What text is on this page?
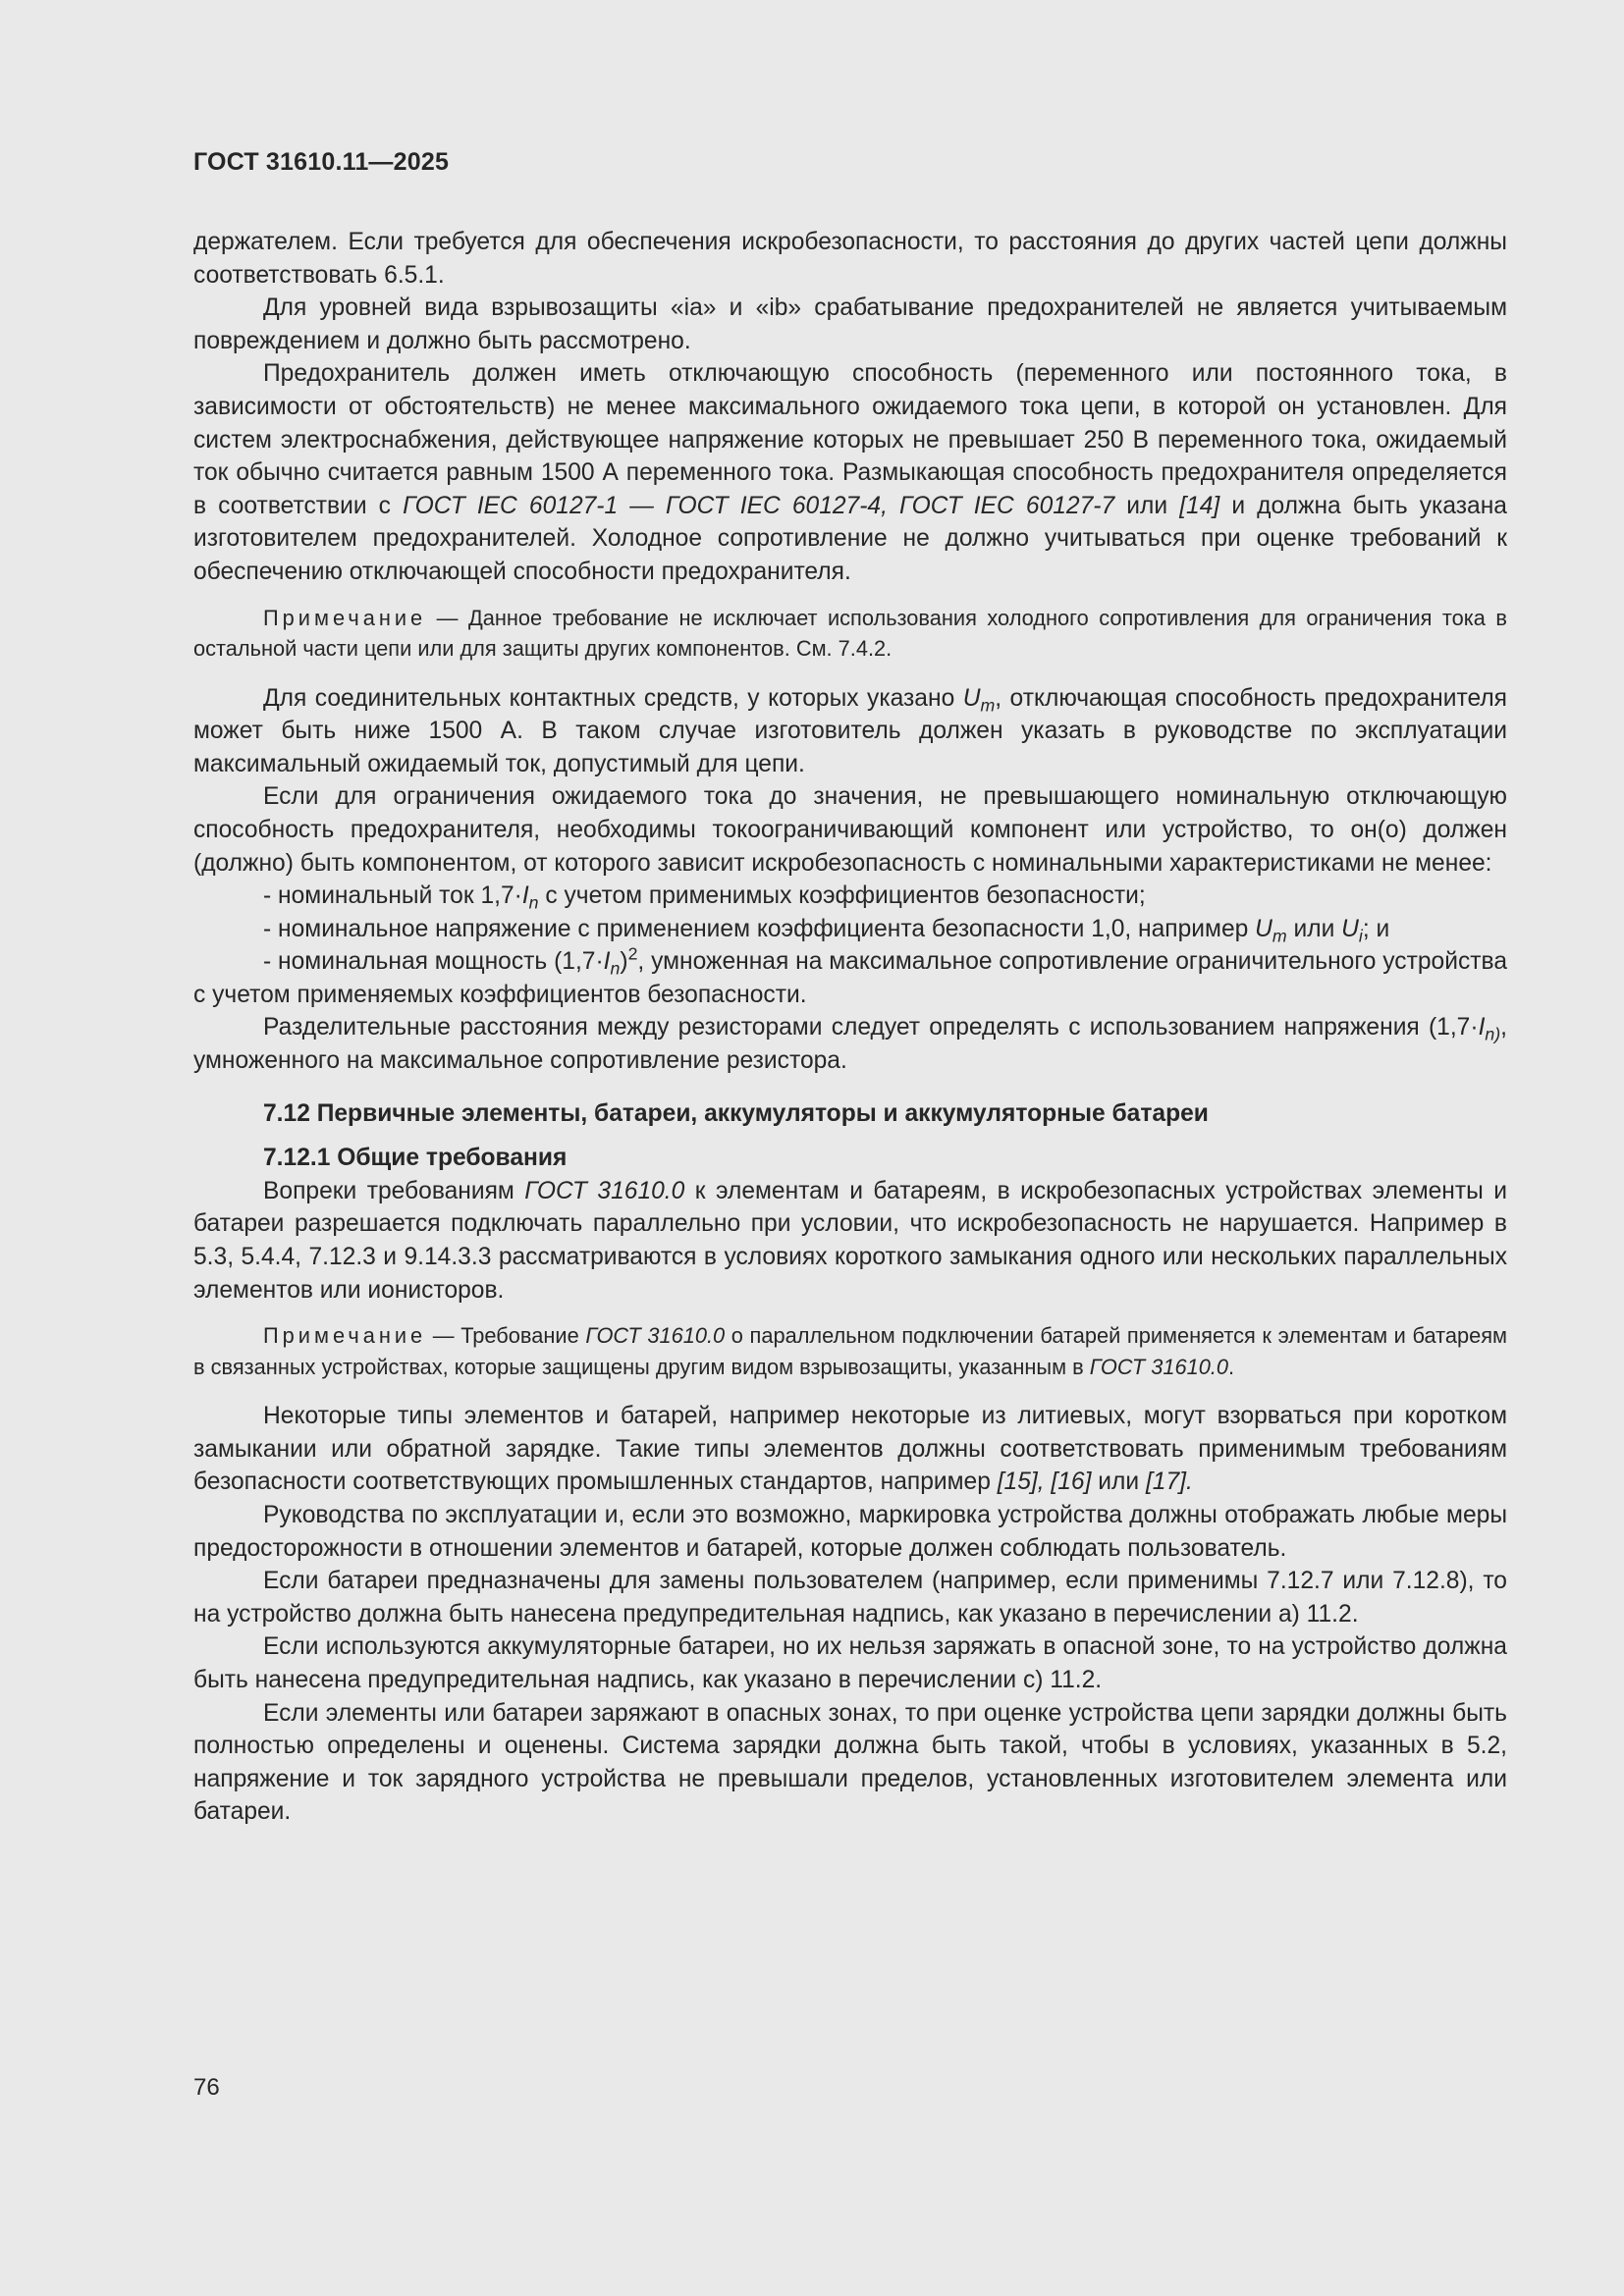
ГОСТ 31610.11—2025

держателем. Если требуется для обеспечения искробезопасности, то расстояния до других частей цепи должны соответствовать 6.5.1.

Для уровней вида взрывозащиты «ia» и «ib» срабатывание предохранителей не является учитываемым повреждением и должно быть рассмотрено.

Предохранитель должен иметь отключающую способность (переменного или постоянного тока, в зависимости от обстоятельств) не менее максимального ожидаемого тока цепи, в которой он установлен. Для систем электроснабжения, действующее напряжение которых не превышает 250 В переменного тока, ожидаемый ток обычно считается равным 1500 А переменного тока. Размыкающая способность предохранителя определяется в соответствии с ГОСТ IEC 60127-1 — ГОСТ IEC 60127-4, ГОСТ IEC 60127-7 или [14] и должна быть указана изготовителем предохранителей. Холодное сопротивление не должно учитываться при оценке требований к обеспечению отключающей способности предохранителя.

Примечание — Данное требование не исключает использования холодного сопротивления для ограничения тока в остальной части цепи или для защиты других компонентов. См. 7.4.2.

Для соединительных контактных средств, у которых указано $U_m$, отключающая способность предохранителя может быть ниже 1500 А. В таком случае изготовитель должен указать в руководстве по эксплуатации максимальный ожидаемый ток, допустимый для цепи.

Если для ограничения ожидаемого тока до значения, не превышающего номинальную отключающую способность предохранителя, необходимы токоограничивающий компонент или устройство, то он(о) должен (должно) быть компонентом, от которого зависит искробезопасность с номинальными характеристиками не менее:

- номинальный ток $1,7\cdot I_n$ с учетом применимых коэффициентов безопасности;

- номинальное напряжение с применением коэффициента безопасности 1,0, например $U_m$ или $U_i$; и

- номинальная мощность $(1,7\cdot I_n)^2$, умноженная на максимальное сопротивление ограничительного устройства с учетом применяемых коэффициентов безопасности.

Разделительные расстояния между резисторами следует определять с использованием напряжения ($1,7\cdot I_{n)}$, умноженного на максимальное сопротивление резистора.

7.12 Первичные элементы, батареи, аккумуляторы и аккумуляторные батареи

7.12.1 Общие требования

Вопреки требованиям ГОСТ 31610.0 к элементам и батареям, в искробезопасных устройствах элементы и батареи разрешается подключать параллельно при условии, что искробезопасность не нарушается. Например в 5.3, 5.4.4, 7.12.3 и 9.14.3.3 рассматриваются в условиях короткого замыкания одного или нескольких параллельных элементов или ионисторов.

Примечание — Требование ГОСТ 31610.0 о параллельном подключении батарей применяется к элементам и батареям в связанных устройствах, которые защищены другим видом взрывозащиты, указанным в ГОСТ 31610.0.

Некоторые типы элементов и батарей, например некоторые из литиевых, могут взорваться при коротком замыкании или обратной зарядке. Такие типы элементов должны соответствовать применимым требованиям безопасности соответствующих промышленных стандартов, например [15], [16] или [17].

Руководства по эксплуатации и, если это возможно, маркировка устройства должны отображать любые меры предосторожности в отношении элементов и батарей, которые должен соблюдать пользователь.

Если батареи предназначены для замены пользователем (например, если применимы 7.12.7 или 7.12.8), то на устройство должна быть нанесена предупредительная надпись, как указано в перечислении а) 11.2.

Если используются аккумуляторные батареи, но их нельзя заряжать в опасной зоне, то на устройство должна быть нанесена предупредительная надпись, как указано в перечислении с) 11.2.

Если элементы или батареи заряжают в опасных зонах, то при оценке устройства цепи зарядки должны быть полностью определены и оценены. Система зарядки должна быть такой, чтобы в условиях, указанных в 5.2, напряжение и ток зарядного устройства не превышали пределов, установленных изготовителем элемента или батареи.

76
